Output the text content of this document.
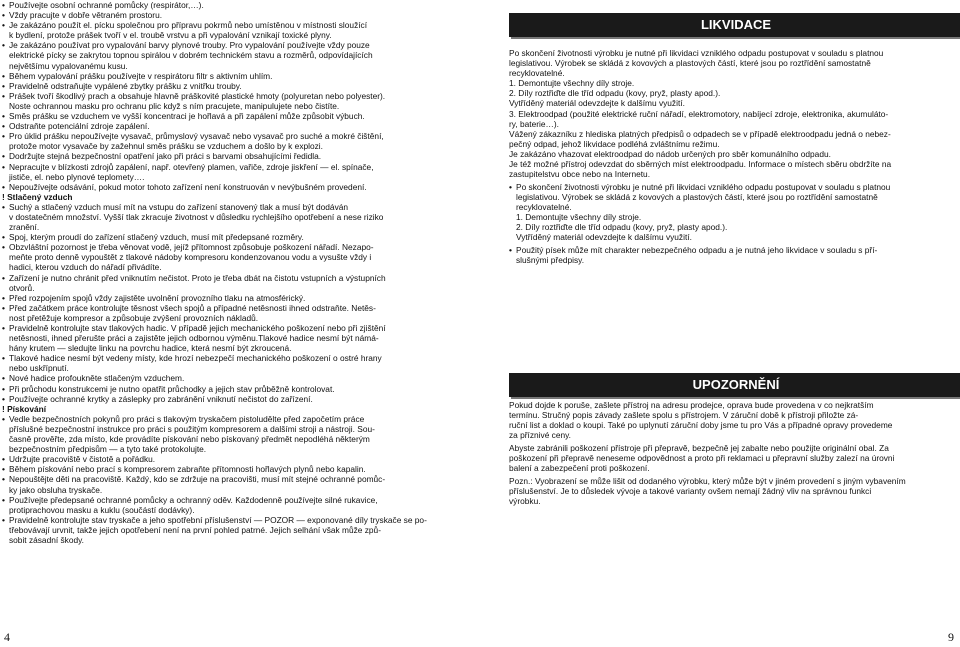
• Používejte osobní ochranné pomůcky (respirátor,…).
• Vždy pracujte v dobře větraném prostoru.
• Je zakázáno použít el. pícku společnou pro přípravu pokrmů nebo umístěnou v místnosti sloužící
k bydlení, protože prášek tvoří v el. troubě vrstvu a při vypalování vznikají toxické plyny.
• Je zakázáno používat pro vypalování barvy plynové trouby. Pro vypalování používejte vždy pouze
elektrické pícky se zakrytou topnou spirálou v dobrém technickém stavu a rozměrů, odpovídajících
největšímu vypalovanému kusu.
• Během vypalování prášku používejte v respirátoru filtr s aktivním uhlím.
• Pravidelně odstraňujte vypálené zbytky prášku z vnitřku trouby.
• Prášek tvoří škodlivý prach a obsahuje hlavně práškovité plastické hmoty (polyuretan nebo polyester).
Noste ochrannou masku pro ochranu plic když s ním pracujete, manipulujete nebo čistíte.
• Směs prášku se vzduchem ve vyšší koncentraci je hořlavá a při zapálení může způsobit výbuch.
• Odstraňte potenciální zdroje zapálení.
• Pro úklid prášku nepoužívejte vysavač, průmyslový vysavač nebo vysavač pro suché a mokré čištění,
protože motor vysavače by zažehnul směs prášku se vzduchem a došlo by k explozi.
• Dodržujte stejná bezpečnostní opatření jako při práci s barvami obsahujícími ředidla.
• Nepracujte v blízkosti zdrojů zapálení, např. otevřený plamen, vařiče, zdroje jiskření — el. spínače,
jističe, el. nebo plynové teplomety….
• Nepoužívejte odsávání, pokud motor tohoto zařízení není konstruován v nevýbušném provedení.
! Stlačený vzduch
• Suchý a stlačený vzduch musí mít na vstupu do zařízení stanovený tlak a musí být dodáván
v dostatečném množství. Vyšší tlak zkracuje životnost v důsledku rychlejšího opotřebení a nese riziko
zranění.
• Spoj, kterým proudí do zařízení stlačený vzduch, musí mít předepsané rozměry.
• Obzvláštní pozornost je třeba věnovat vodě, jejíž přítomnost způsobuje poškození nářadí. Nezapo-
meňte proto denně vypouštět z tlakové nádoby kompresoru kondenzovanou vodu a vysušte vždy i
hadici, kterou vzduch do nářadí přivádíte.
• Zařízení je nutno chránit před vniknutím nečistot. Proto je třeba dbát na čistotu vstupních a výstupních
otvorů.
• Před rozpojením spojů vždy zajistěte uvolnění provozního tlaku na atmosférický.
• Před začátkem práce kontrolujte těsnost všech spojů a případné netěsnosti ihned odstraňte. Netěs-
nost přetěžuje kompresor a způsobuje zvýšení provozních nákladů.
• Pravidelně kontrolujte stav tlakových hadic. V případě jejich mechanického poškození nebo při zjištění
netěsnosti, ihned přerušte práci a zajistěte jejich odbornou výměnu.Tlakové hadice nesmí být námá-
hány krutem — sledujte linku na povrchu hadice, která nesmí být zkroucená.
• Tlakové hadice nesmí být vedeny místy, kde hrozí nebezpečí mechanického poškození o ostré hrany
nebo uskřípnutí.
• Nové hadice profoukněte stlačeným vzduchem.
• Při průchodu konstrukcemi je nutno opatřit průchodky a jejich stav průběžně kontrolovat.
• Používejte ochranné krytky a záslepky pro zabránění vniknutí nečistot do zařízení.
! Pískování
• Vedle bezpečnostních pokynů pro práci s tlakovým tryskačem pistoludělte před započetím práce
příslušné bezpečnostní instrukce pro práci s použitým kompresorem a dalšími stroji a nástroji. Sou-
časně prověřte, zda místo, kde provádíte pískování nebo pískovaný předmět nepodléhá některým
bezpečnostním předpisům — a tyto také protokolujte.
• Udržujte pracoviště v čistotě a pořádku.
• Během pískování nebo prací s kompresorem zabraňte přítomnosti hořlavých plynů nebo kapalin.
• Nepouštějte děti na pracoviště. Každý, kdo se zdržuje na pracovišti, musí mít stejné ochranné pomůc-
ky jako obsluha tryskače.
• Používejte předepsané ochranné pomůcky a ochranný oděv. Každodenně používejte silné rukavice,
protiprachovou masku a kuklu (součástí dodávky).
• Pravidelně kontrolujte stav tryskače a jeho spotřební příslušenství — POZOR — exponované díly tryskače se po-
třebovávají urvnit, takže jejich opotřebení není na první pohled patrné. Jejich selhání však může způ-
sobit zásadní škody.
LIKVIDACE
Po skončení životnosti výrobku je nutné při likvidaci vzniklého odpadu postupovat v souladu s platnou
legislativou. Výrobek se skládá z kovových a plastových částí, které jsou po roztřídění samostatně
recyklovatelné.
1. Demontujte všechny díly stroje.
2. Díly roztřiďte dle tříd odpadu (kovy, pryž, plasty apod.).
Vytříděný materiál odevzdejte k dalšímu využití.
3. Elektroodpad (použité elektrické ruční nářadí, elektromotory, nabíjecí zdroje, elektronika, akumuláto-
ry, baterie…).
Vážený zákazníku z hlediska platných předpisů o odpadech se v případě elektroodpadu jedná o nebez-
pečný odpad, jehož likvidace podléhá zvláštnímu režimu.
Je zakázáno vhazovat elektroodpad do nádob určených pro sběr komunálního odpadu.
Je též možné přístroj odevzdat do sběrných míst elektroodpadu. Informace o místech sběru obdržíte na
zastupitelstvu obce nebo na Internetu.
• Po skončení životnosti výrobku je nutné při likvidaci vzniklého odpadu postupovat v souladu s platnou
legislativou. Výrobek se skládá z kovových a plastových částí, které jsou po roztřídění samostatně
recyklovatelné.
1. Demontujte všechny díly stroje.
2. Díly roztřiďte dle tříd odpadu (kovy, pryž, plasty apod.).
Vytříděný materiál odevzdejte k dalšímu využití.
• Použitý písek může mít charakter nebezpečného odpadu a je nutná jeho likvidace v souladu s pří-
slušnými předpisy.
UPOZORNĚNÍ
Pokud dojde k poruše, zašlete přístroj na adresu prodejce, oprava bude provedena v co nejkratším
termínu. Stručný popis závady zašlete spolu s přístrojem. V záruční době k přístroji přiložte zá-
ruční list a doklad o koupi. Také po uplynutí záruční doby jsme tu pro Vás a případné opravy provedeme
za příznivé ceny.
Abyste zabránili poškození přístroje při přepravě, bezpečně jej zabalte nebo použijte originální obal. Za
poškození při přepravě neneseme odpovědnost a proto při reklamaci u přepravní služby zalezí na úrovni
balení a zabezpečení proti poškození.
Pozn.: Vyobrazení se může lišit od dodaného výrobku, který může být v jiném provedení s jiným vybavením
příslušenství. Je to důsledek vývoje a takové varianty ovšem nemají žádný vliv na správnou funkci
výrobku.
4	9
